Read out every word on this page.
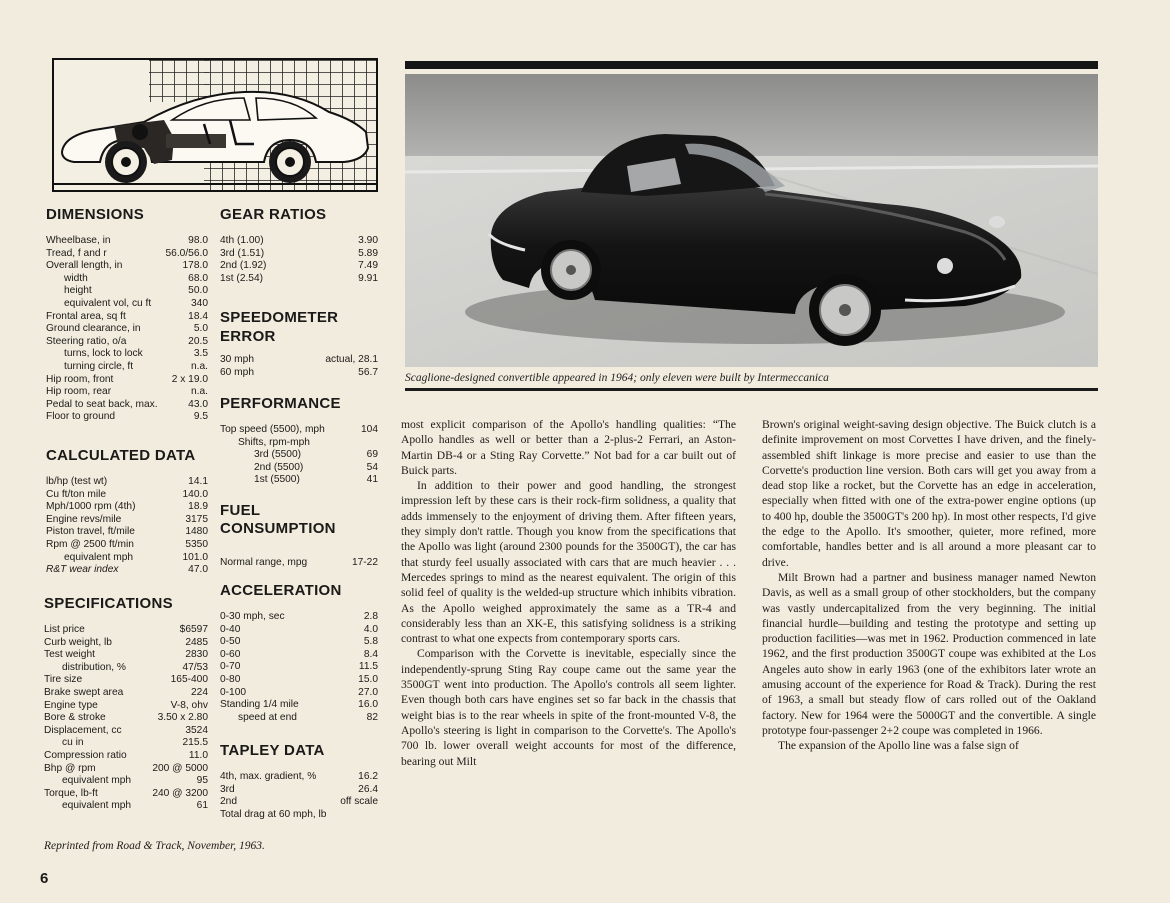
DIMENSIONS
Wheelbase, in	98.0
Tread, f and r	56.0/56.0
Overall length, in	178.0
width	68.0
height	50.0
equivalent vol, cu ft	340
Frontal area, sq ft	18.4
Ground clearance, in	5.0
Steering ratio, o/a	20.5
turns, lock to lock	3.5
turning circle, ft	n.a.
Hip room, front	2 x 19.0
Hip room, rear	n.a.
Pedal to seat back, max.	43.0
Floor to ground	9.5
CALCULATED DATA
lb/hp (test wt)	14.1
Cu ft/ton mile	140.0
Mph/1000 rpm (4th)	18.9
Engine revs/mile	3175
Piston travel, ft/mile	1480
Rpm @ 2500 ft/min	5350
equivalent mph	101.0
R&T wear index	47.0
SPECIFICATIONS
List price	$6597
Curb weight, lb	2485
Test weight	2830
distribution, %	47/53
Tire size	165-400
Brake swept area	224
Engine type	V-8, ohv
Bore & stroke	3.50 x 2.80
Displacement, cc	3524
cu in	215.5
Compression ratio	11.0
Bhp @ rpm	200 @ 5000
equivalent mph	95
Torque, lb-ft	240 @ 3200
equivalent mph	61
GEAR RATIOS
4th (1.00)	3.90
3rd (1.51)	5.89
2nd (1.92)	7.49
1st (2.54)	9.91
SPEEDOMETER
ERROR
30 mph	actual, 28.1
60 mph	56.7
PERFORMANCE
Top speed (5500), mph	104
Shifts, rpm-mph
3rd (5500)	69
2nd (5500)	54
1st (5500)	41
FUEL
CONSUMPTION
Normal range, mpg	17-22
ACCELERATION
0-30 mph, sec	2.8
0-40	4.0
0-50	5.8
0-60	8.4
0-70	11.5
0-80	15.0
0-100	27.0
Standing 1/4 mile	16.0
speed at end	82
TAPLEY DATA
4th, max. gradient, %	16.2
3rd	26.4
2nd	off scale
Total drag at 60 mph, lb
Reprinted from Road & Track, November, 1963.
6
Scaglione-designed convertible appeared in 1964; only eleven were built by Intermeccanica

most explicit comparison of the Apollo's handling qualities: “The Apollo handles as well or better than a 2-plus-2 Ferrari, an Aston-Martin DB-4 or a Sting Ray Corvette.” Not bad for a car built out of Buick parts.

In addition to their power and good handling, the strongest impression left by these cars is their rock-firm solidness, a quality that adds immensely to the enjoyment of driving them. After fifteen years, they simply don't rattle. Though you know from the specifications that the Apollo was light (around 2300 pounds for the 3500GT), the car has that sturdy feel usually associated with cars that are much heavier . . . Mercedes springs to mind as the nearest equivalent. The origin of this solid feel of quality is the welded-up structure which inhibits vibration. As the Apollo weighed approximately the same as a TR-4 and considerably less than an XK-E, this satisfying solidness is a striking contrast to what one expects from contemporary sports cars.

Comparison with the Corvette is inevitable, especially since the independently-sprung Sting Ray coupe came out the same year the 3500GT went into production. The Apollo's controls all seem lighter. Even though both cars have engines set so far back in the chassis that weight bias is to the rear wheels in spite of the front-mounted V-8, the Apollo's steering is light in comparison to the Corvette's. The Apollo's 700 lb. lower overall weight accounts for most of the difference, bearing out Milt

Brown's original weight-saving design objective. The Buick clutch is a definite improvement on most Corvettes I have driven, and the finely-assembled shift linkage is more precise and easier to use than the Corvette's production line version. Both cars will get you away from a dead stop like a rocket, but the Corvette has an edge in acceleration, especially when fitted with one of the extra-power engine options (up to 400 hp, double the 3500GT's 200 hp). In most other respects, I'd give the edge to the Apollo. It's smoother, quieter, more refined, more comfortable, handles better and is all around a more pleasant car to drive.

Milt Brown had a partner and business manager named Newton Davis, as well as a small group of other stockholders, but the company was vastly undercapitalized from the very beginning. The initial financial hurdle—building and testing the prototype and setting up production facilities—was met in 1962. Production commenced in late 1962, and the first production 3500GT coupe was exhibited at the Los Angeles auto show in early 1963 (one of the exhibitors later wrote an amusing account of the experience for Road & Track). During the rest of 1963, a small but steady flow of cars rolled out of the Oakland factory. New for 1964 were the 5000GT and the convertible. A single prototype four-passenger 2+2 coupe was completed in 1966.

The expansion of the Apollo line was a false sign of
